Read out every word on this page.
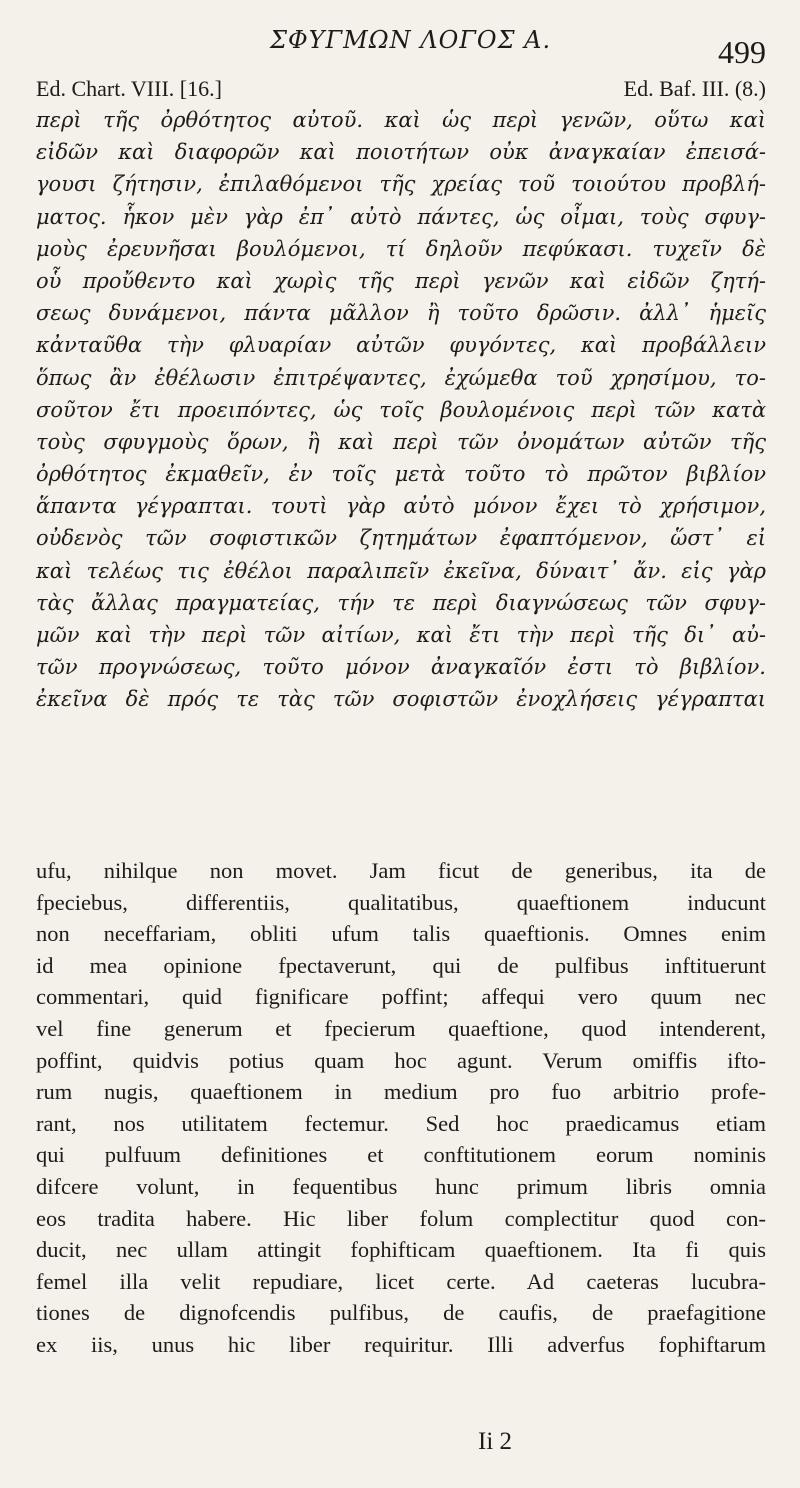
ΣΦΥΓΜΩΝ ΛΟΓΟΣ Α.	499
Ed. Chart. VIII. [16.]	Ed. Baf. III. (8.)
περὶ τῆς ὀρθότητος αὐτοῦ. καὶ ὡς περὶ γενῶν, οὕτω καὶ
εἰδῶν καὶ διαφορῶν καὶ ποιοτήτων οὐκ ἀναγκαίαν ἐπεισά-
γουσι ζήτησιν, ἐπιλαθόμενοι τῆς χρείας τοῦ τοιούτου προβλή-
ματος. ἧκον μὲν γὰρ ἐπ᾽ αὐτὸ πάντες, ὡς οἶμαι, τοὺς σφυγ-
μοὺς ἐρευνῆσαι βουλόμενοι, τί δηλοῦν πεφύκασι. τυχεῖν δὲ
οὗ προὔθεντο καὶ χωρὶς τῆς περὶ γενῶν καὶ εἰδῶν ζητή-
σεως δυνάμενοι, πάντα μᾶλλον ἢ τοῦτο δρῶσιν. ἀλλ᾽ ἡμεῖς
κἀνταῦθα τὴν φλυαρίαν αὐτῶν φυγόντες, καὶ προβάλλειν
ὅπως ἂν ἐθέλωσιν ἐπιτρέψαντες, ἐχώμεθα τοῦ χρησίμου, το-
σοῦτον ἔτι προειπόντες, ὡς τοῖς βουλομένοις περὶ τῶν κατὰ
τοὺς σφυγμοὺς ὅρων, ἢ καὶ περὶ τῶν ὀνομάτων αὐτῶν τῆς
ὀρθότητος ἐκμαθεῖν, ἐν τοῖς μετὰ τοῦτο τὸ πρῶτον βιβλίον
ἅπαντα γέγραπται. τουτὶ γὰρ αὐτὸ μόνον ἔχει τὸ χρήσιμον,
οὐδενὸς τῶν σοφιστικῶν ζητημάτων ἐφαπτόμενον, ὥστ᾽ εἰ
καὶ τελέως τις ἐθέλοι παραλιπεῖν ἐκεῖνα, δύναιτ᾽ ἄν. εἰς γὰρ
τὰς ἄλλας πραγματείας, τήν τε περὶ διαγνώσεως τῶν σφυγ-
μῶν καὶ τὴν περὶ τῶν αἰτίων, καὶ ἔτι τὴν περὶ τῆς δι᾽ αὐ-
τῶν προγνώσεως, τοῦτο μόνον ἀναγκαῖόν ἐστι τὸ βιβλίον.
ἐκεῖνα δὲ πρός τε τὰς τῶν σοφιστῶν ἐνοχλήσεις γέγραπται
ufu, nihilque non movet. Jam ficut de generibus, ita de
fpeciebus, differentiis, qualitatibus, quaeftionem inducunt
non neceffariam, obliti ufum talis quaeftionis. Omnes enim
id mea opinione fpectaverunt, qui de pulfibus inftituerunt
commentari, quid fignificare poffint; affequi vero quum nec
vel fine generum et fpecierum quaeftione, quod intenderent,
poffint, quidvis potius quam hoc agunt. Verum omiffis ifto-
rum nugis, quaeftionem in medium pro fuo arbitrio profe-
rant, nos utilitatem fectemur. Sed hoc praedicamus etiam
qui pulfuum definitiones et conftitutionem eorum nominis
difcere volunt, in fequentibus hunc primum libris omnia
eos tradita habere. Hic liber folum complectitur quod con-
ducit, nec ullam attingit fophifticam quaeftionem. Ita fi quis
femel illa velit repudiare, licet certe. Ad caeteras lucubra-
tiones de dignofcendis pulfibus, de caufis, de praefagitione
ex iis, unus hic liber requiritur. Illi adverfus fophiftarum
Ii 2
